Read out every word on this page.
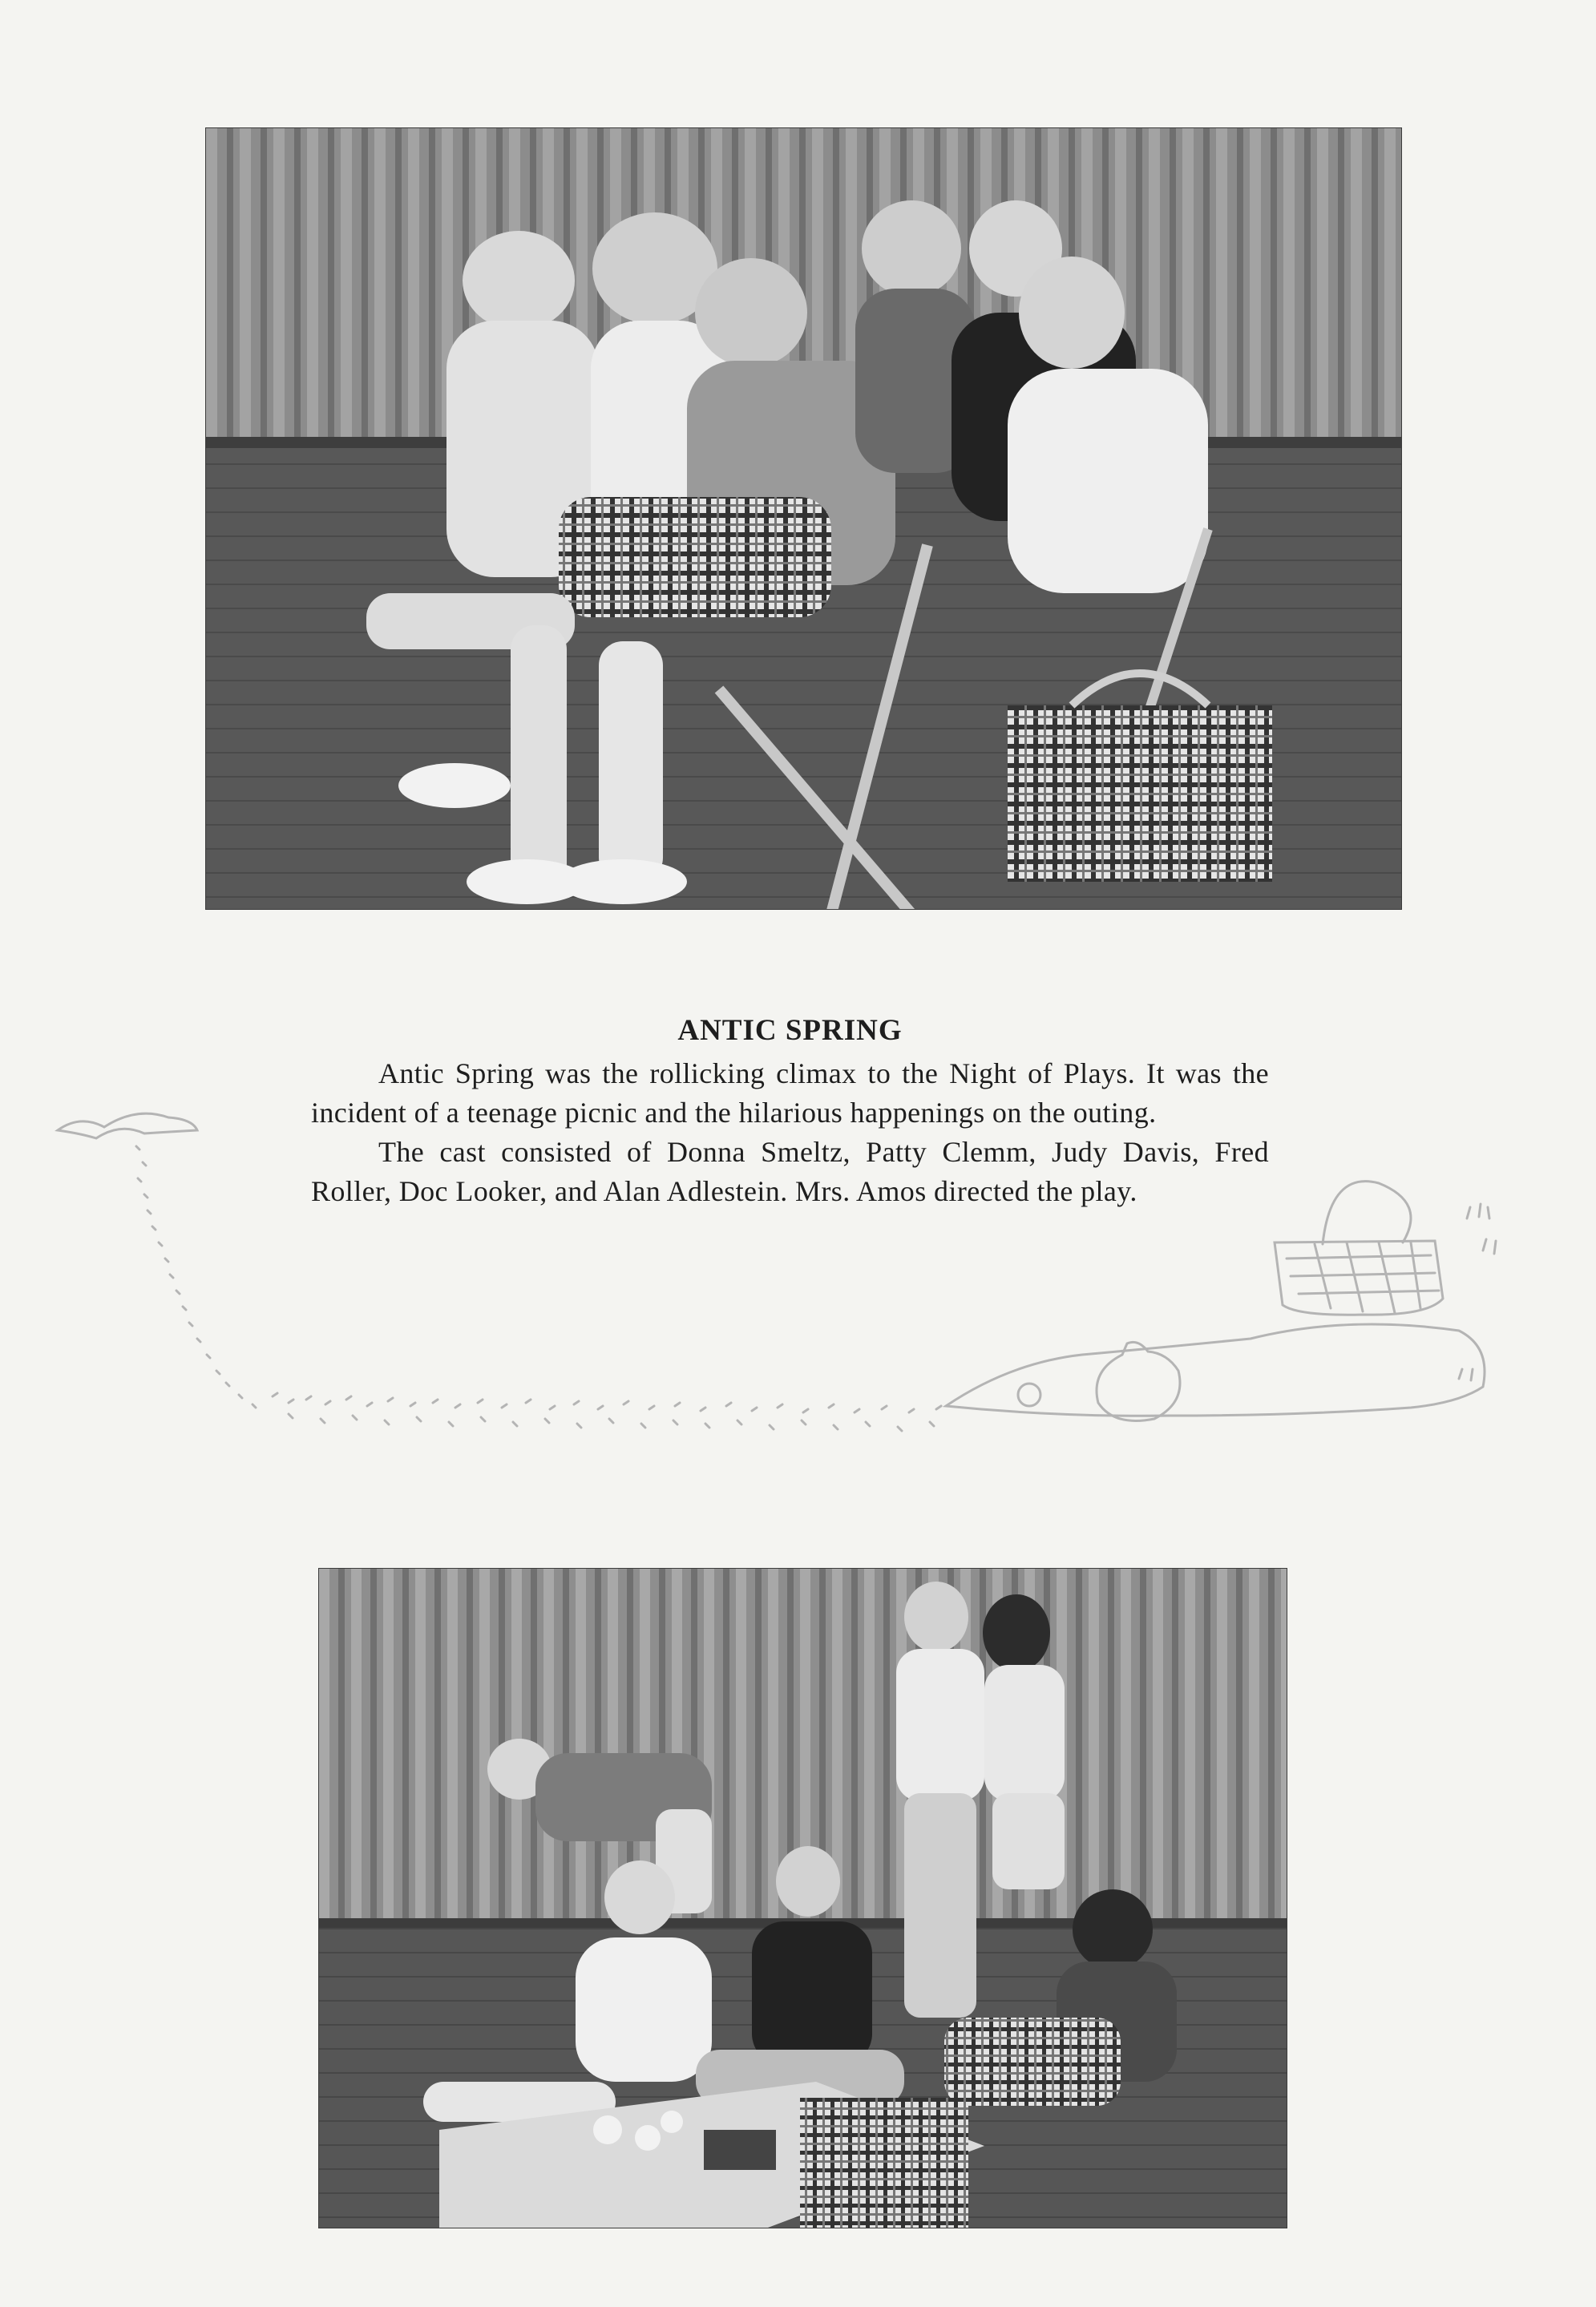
ANTIC SPRING

Antic Spring was the rollicking climax to the Night of Plays. It was the incident of a teenage picnic and the hilarious happenings on the outing.

The cast consisted of Donna Smeltz, Patty Clemm, Judy Davis, Fred Roller, Doc Looker, and Alan Adlestein. Mrs. Amos directed the play.
